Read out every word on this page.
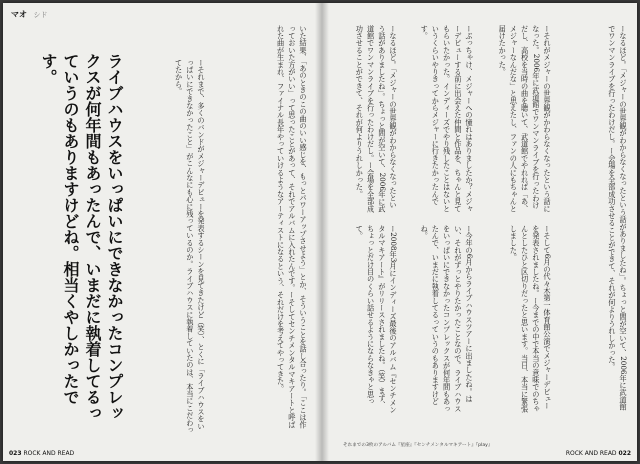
マオ シド
ライブハウスをいっぱいにできなかったコンプレックスが何年間もあったんで、いまだに執着してるっていうのもありますけどね。相当くやしかったです。	ーそれまで、多くのバンドがメジャーデビューを発表するシーンを見てきたけど（笑）、とくに「ライブハウスをいっぱいにできなかったこと」がこんなにも心に残っているのか。ライブハウスに執着していたのは、本当にこだわってたから。	いた結果、「あのときのこの曲のいい感じを、もっとパワーアップさせよう」とか、そういうことを話し合ったり。「ここは作っておいた方がいい」って思ったことがあって、それでアルバムに入れたんです。ーそしてセンチメンタルマキアートと呼ばれた曲が生まれ、ファイナル長年やっていけるようなアーティストになるという、それだけを考えてやってきた。	ーなるほど。「メジャーの世界観がわからなくなったという話がありましたね」。ちょっと間が空いて、2006年に武道館でワンマンライブを行ったわけだし。ー会場を全部成功させることができて、それが何よりうれしかった。

ー2008年3月にインディーズ最後のアルバム『センチメンタルマキアート』がリリースされましたね。（笑）まず、ちょっとだけ目のくらい話せるようにならなきゃと思って。

ーぶっちゃけ、メジャーへの憧れはありましたか？メジャーデビューする前に出会えた仲間と作品を、ちゃんと見てもらいたかった。インディーズでやり残したことはないというくらいやりきってからメジャーに行きたかったんです。

ー今年の6月からライブハウスツアーに出ましたね。はい、それがずっとやりたかったことなので。ライブハウスをいっぱいにできなかったコンプレックスが何年間もあったんで、いまだに執着してるっていうのもありますけどね。

ーそれがメジャーの世界観がかわらなくなったという話になった。2006年に武道館でワンマンライブを行ったわけだし、高校を当時の曲を聴いて、武道館でやれれば「あ、メジャーなんだな」と思えたし、ファンの人にもちゃんと届けたかった。

ーそして6月の代々木第一体育館公演でメジャーデビューを発表されましたね。ー今までの中で本当の意味でのちゃんとしたひと区切りだったと思います。当日、本当に緊張しました。	ーなるほど。「メジャーの世界観がわからなくなったという話がありましたね」。ちょっと間が空いて、2006年に武道館でワンマンライブを行ったわけだし。ー会場を全部成功させることができて、それが何よりうれしかった。

それまでの3枚のアルバム『星座』『センチメンタルマキアート』『play』
023 ROCK AND READ	ROCK AND READ 022
